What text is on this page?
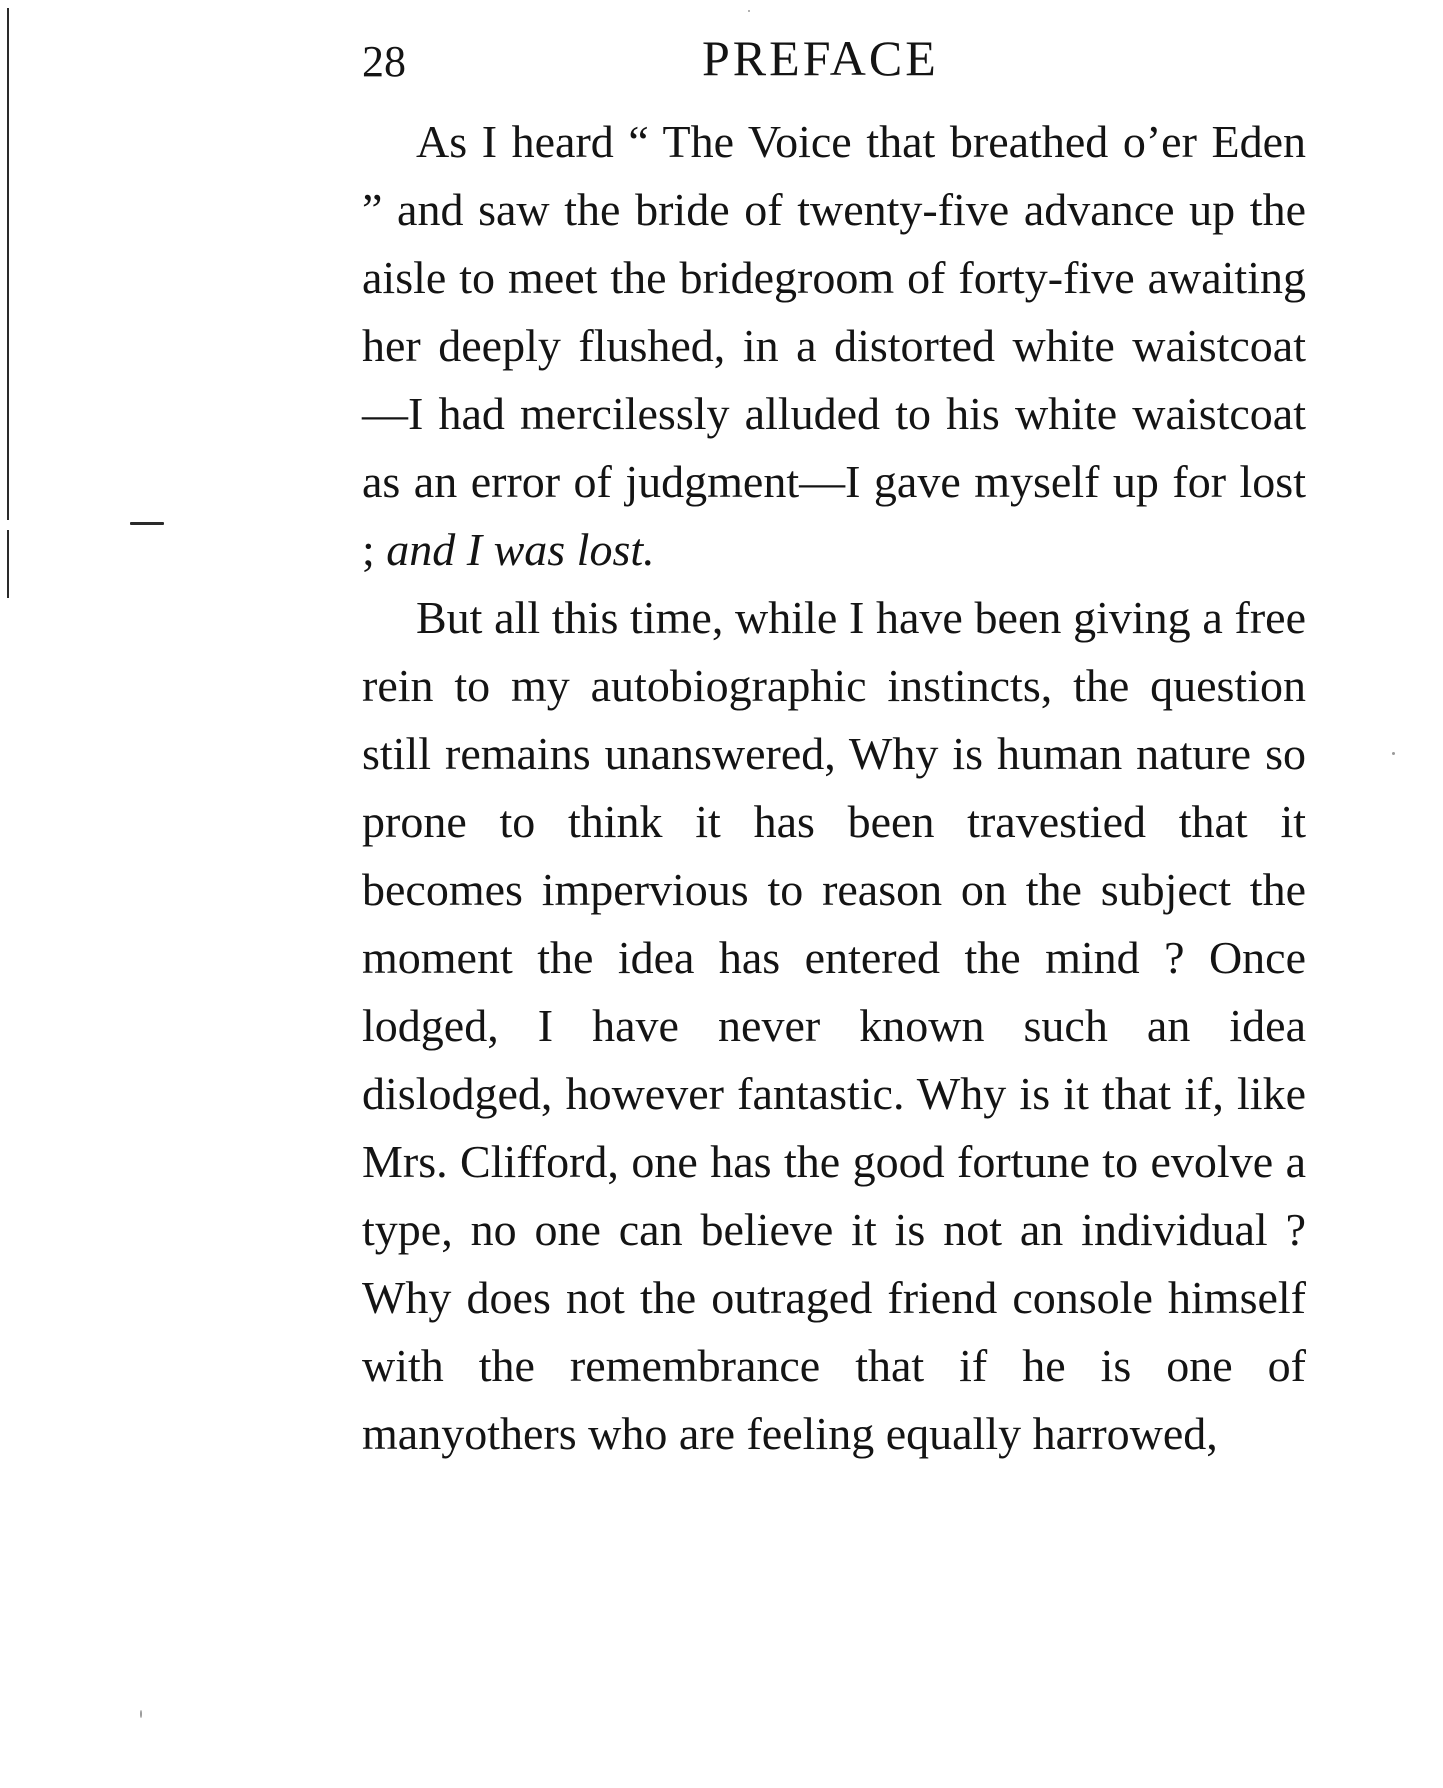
28	PREFACE

As I heard “ The Voice that breathed o’er Eden ” and saw the bride of twenty-five advance up the aisle to meet the bridegroom of forty-five awaiting her deeply flushed, in a distorted white waistcoat—I had mercilessly alluded to his white waistcoat as an error of judgment—I gave myself up for lost ; and I was lost.

But all this time, while I have been giving a free rein to my autobiographic instincts, the question still remains unanswered, Why is human nature so prone to think it has been travestied that it becomes impervious to reason on the subject the moment the idea has entered the mind ? Once lodged, I have never known such an idea dislodged, however fantastic. Why is it that if, like Mrs. Clifford, one has the good fortune to evolve a type, no one can believe it is not an individual ? Why does not the outraged friend console himself with the remembrance that if he is one of manyothers who are feeling equally harrowed,
